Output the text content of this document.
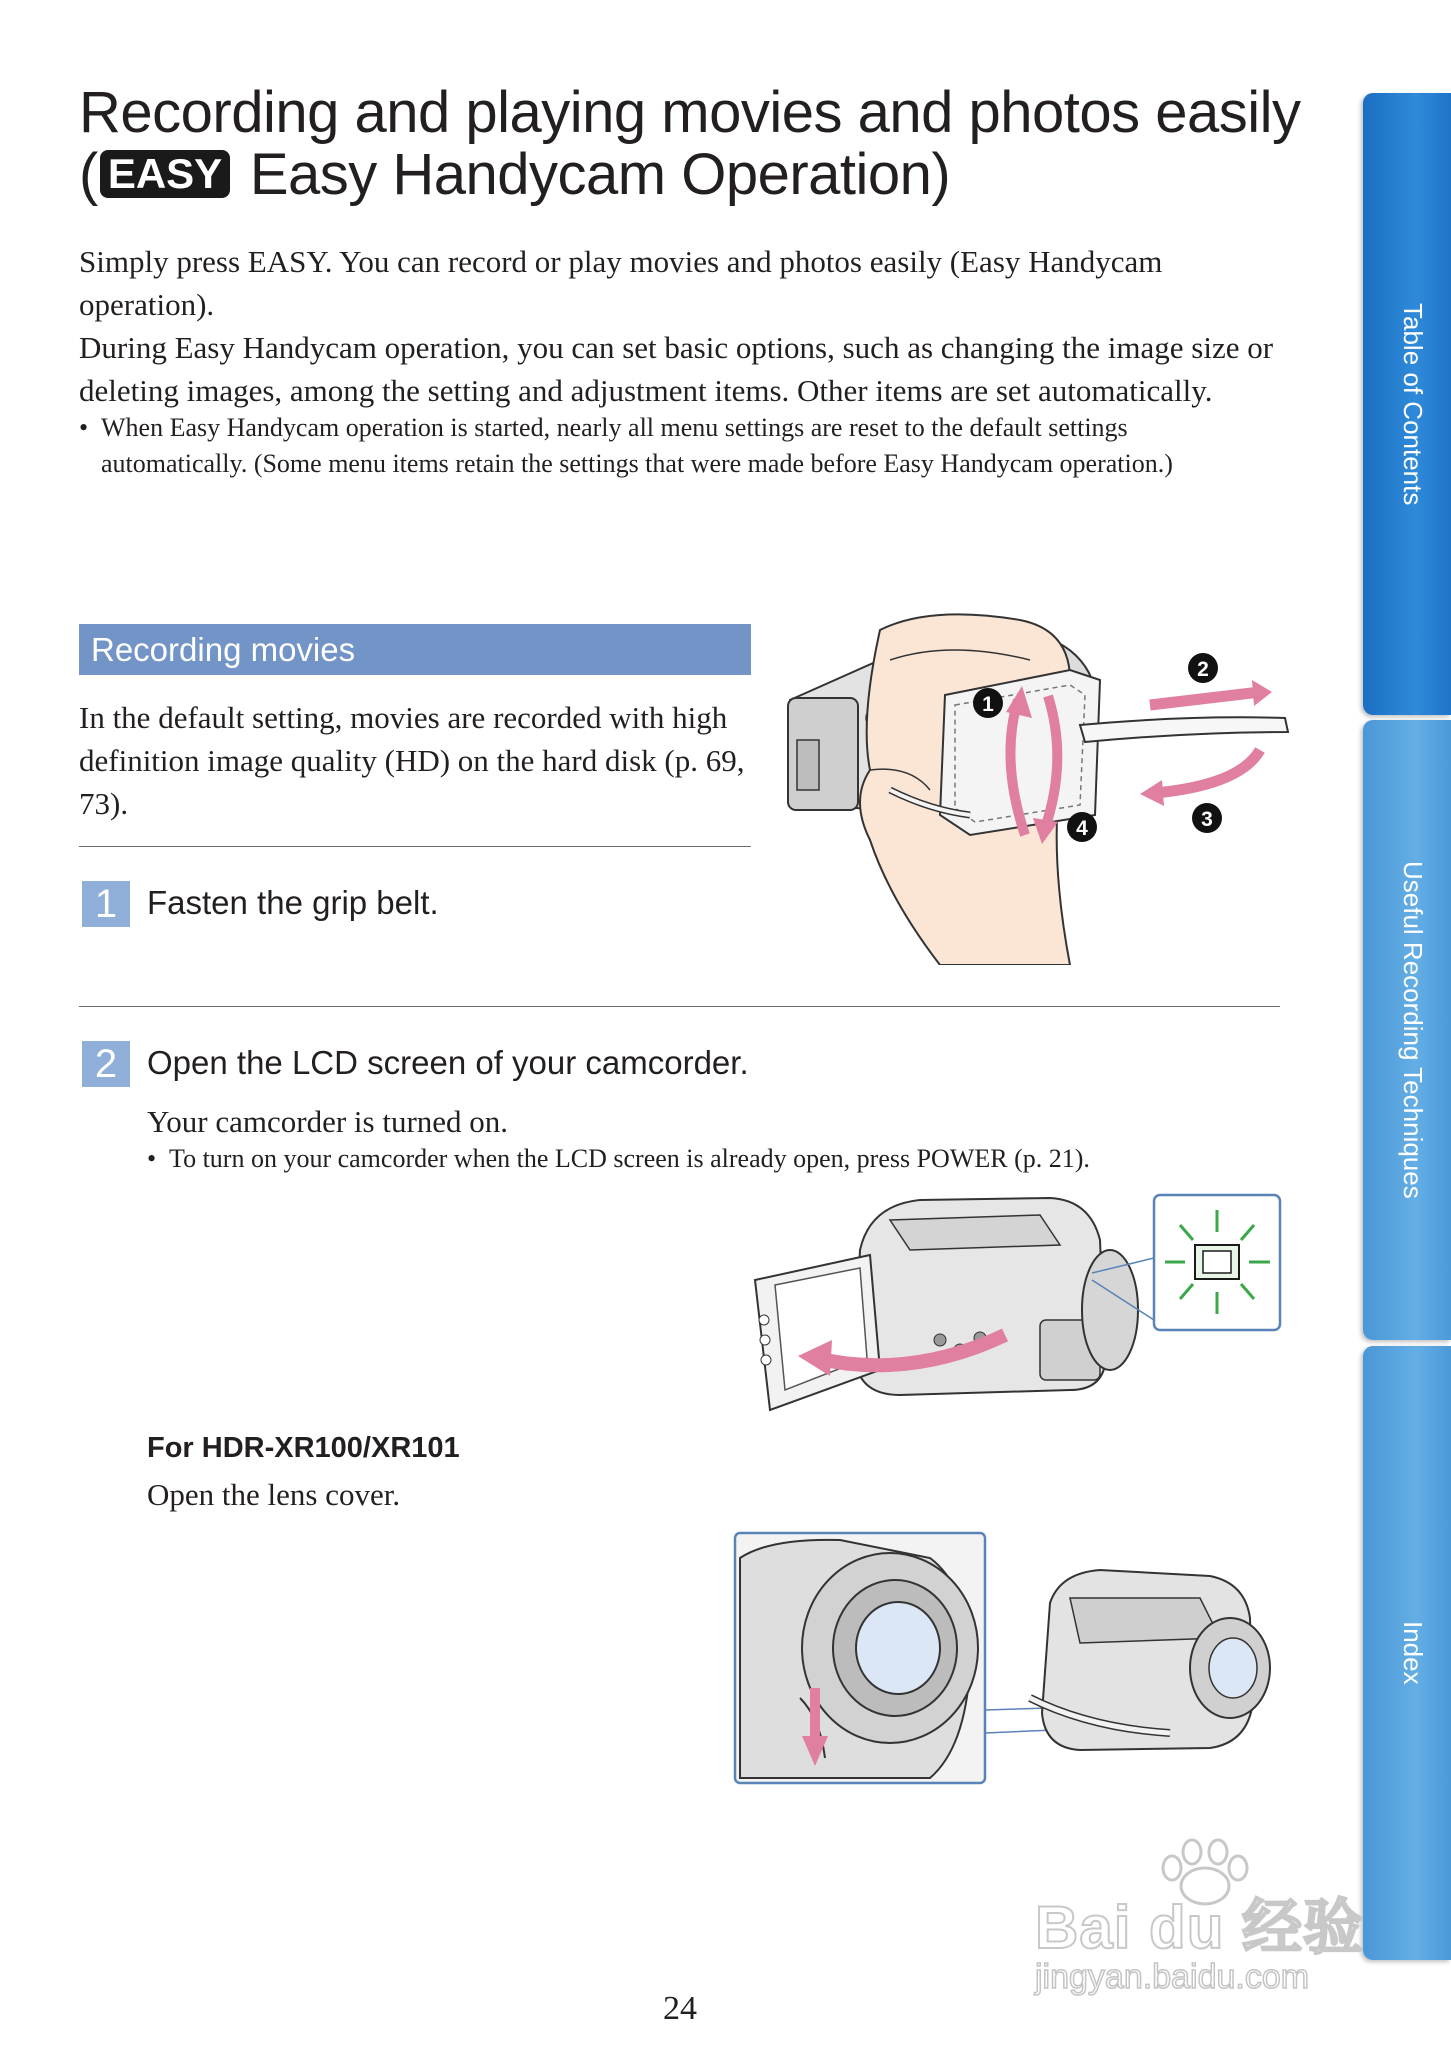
Recording and playing movies and photos easily
( EASY Easy Handycam Operation)
Simply press EASY. You can record or play movies and photos easily (Easy Handycam operation).
During Easy Handycam operation, you can set basic options, such as changing the image size or deleting images, among the setting and adjustment items. Other items are set automatically.
• When Easy Handycam operation is started, nearly all menu settings are reset to the default settings automatically. (Some menu items retain the settings that were made before Easy Handycam operation.)
Recording movies
In the default setting, movies are recorded with high definition image quality (HD) on the hard disk (p. 69, 73).
1 Fasten the grip belt.
1
2
3
4
2 Open the LCD screen of your camcorder.
Your camcorder is turned on.
• To turn on your camcorder when the LCD screen is already open, press POWER (p. 21).
For HDR-XR100/XR101
Open the lens cover.
Table of Contents
Useful Recording Techniques
Index
Bai du 经验
jingyan.baidu.com
24
